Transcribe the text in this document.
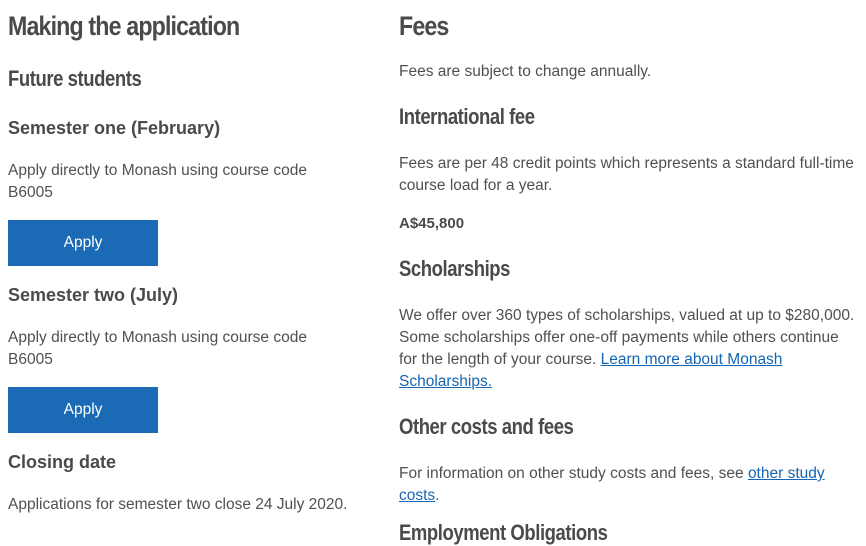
Making the application
Future students
Semester one (February)

Apply directly to Monash using course code B6005

Apply
Semester two (July)

Apply directly to Monash using course code B6005

Apply
Closing date

Applications for semester two close 24 July 2020.

Fees

Fees are subject to change annually.

International fee

Fees are per 48 credit points which represents a standard full-time course load for a year.

A$45,800

Scholarships

We offer over 360 types of scholarships, valued at up to $280,000. Some scholarships offer one-off payments while others continue for the length of your course. Learn more about Monash Scholarships.

Other costs and fees

For information on other study costs and fees, see other study costs.

Employment Obligations
